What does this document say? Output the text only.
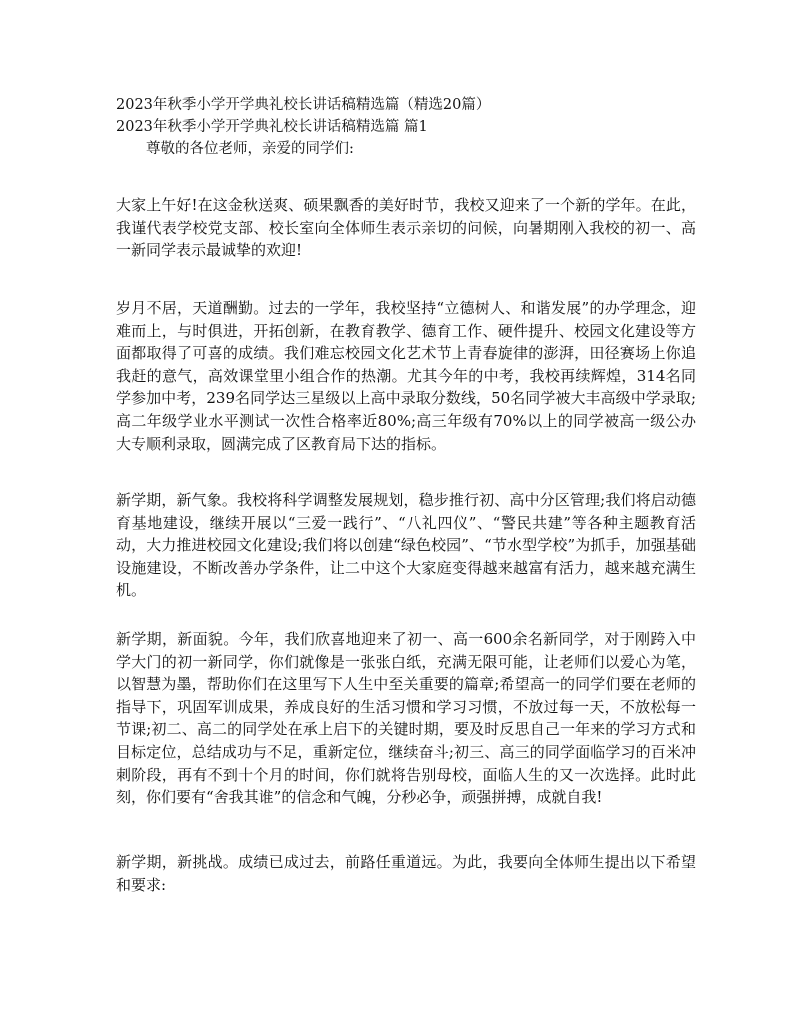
2023年秋季小学开学典礼校长讲话稿精选篇（精选20篇）
2023年秋季小学开学典礼校长讲话稿精选篇 篇1
尊敬的各位老师，亲爱的同学们:
大家上午好!在这金秋送爽、硕果飘香的美好时节，我校又迎来了一个新的学年。在此，我谨代表学校党支部、校长室向全体师生表示亲切的问候，向暑期刚入我校的初一、高一新同学表示最诚挚的欢迎!
岁月不居，天道酬勤。过去的一学年，我校坚持“立德树人、和谐发展”的办学理念，迎难而上，与时俱进，开拓创新，在教育教学、德育工作、硬件提升、校园文化建设等方面都取得了可喜的成绩。我们难忘校园文化艺术节上青春旋律的澎湃，田径赛场上你追我赶的意气，高效课堂里小组合作的热潮。尤其今年的中考，我校再续辉煌，314名同学参加中考，239名同学达三星级以上高中录取分数线，50名同学被大丰高级中学录取;高二年级学业水平测试一次性合格率近80%;高三年级有70%以上的同学被高一级公办大专顺利录取，圆满完成了区教育局下达的指标。
新学期，新气象。我校将科学调整发展规划，稳步推行初、高中分区管理;我们将启动德育基地建设，继续开展以“三爱一践行”、“八礼四仪”、“警民共建”等各种主题教育活动，大力推进校园文化建设;我们将以创建“绿色校园”、“节水型学校”为抓手，加强基础设施建设，不断改善办学条件，让二中这个大家庭变得越来越富有活力，越来越充满生机。
新学期，新面貌。今年，我们欣喜地迎来了初一、高一600余名新同学，对于刚跨入中学大门的初一新同学，你们就像是一张张白纸，充满无限可能，让老师们以爱心为笔，以智慧为墨，帮助你们在这里写下人生中至关重要的篇章;希望高一的同学们要在老师的指导下，巩固军训成果，养成良好的生活习惯和学习习惯，不放过每一天，不放松每一节课;初二、高二的同学处在承上启下的关键时期，要及时反思自己一年来的学习方式和目标定位，总结成功与不足，重新定位，继续奋斗;初三、高三的同学面临学习的百米冲刺阶段，再有不到十个月的时间，你们就将告别母校，面临人生的又一次选择。此时此刻，你们要有“舍我其谁”的信念和气魄，分秒必争，顽强拼搏，成就自我!
新学期，新挑战。成绩已成过去，前路任重道远。为此，我要向全体师生提出以下希望和要求:
